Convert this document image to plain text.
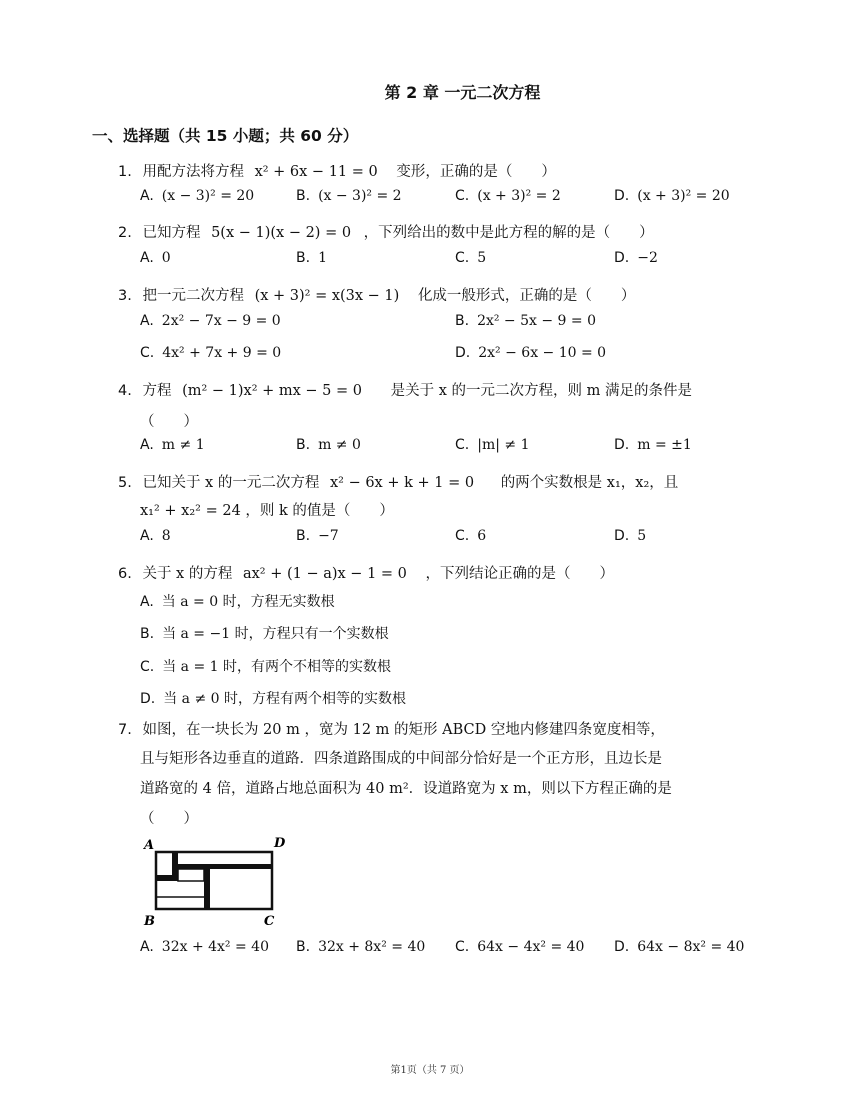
第 2 章 一元二次方程
一、选择题（共 15 小题；共 60 分）
1. 用配方法将方程 x² + 6x − 11 = 0 变形，正确的是（　　）
A. (x − 3)² = 20	B. (x − 3)² = 2	C. (x + 3)² = 2	D. (x + 3)² = 20
2. 已知方程 5(x − 1)(x − 2) = 0 ，下列给出的数中是此方程的解的是（　　）
A. 0	B. 1	C. 5	D. −2
3. 把一元二次方程 (x + 3)² = x(3x − 1) 化成一般形式，正确的是（　　）
A. 2x² − 7x − 9 = 0	B. 2x² − 5x − 9 = 0
C. 4x² + 7x + 9 = 0	D. 2x² − 6x − 10 = 0
4. 方程 (m² − 1)x² + mx − 5 = 0 是关于 x 的一元二次方程，则 m 满足的条件是
（　　）
A. m ≠ 1	B. m ≠ 0	C. |m| ≠ 1	D. m = ±1
5. 已知关于 x 的一元二次方程 x² − 6x + k + 1 = 0 的两个实数根是 x₁，x₂，且
x₁² + x₂² = 24 ，则 k 的值是（　　）
A. 8	B. −7	C. 6	D. 5
6. 关于 x 的方程 ax² + (1 − a)x − 1 = 0 ，下列结论正确的是（　　）
A. 当 a = 0 时，方程无实数根
B. 当 a = −1 时，方程只有一个实数根
C. 当 a = 1 时，有两个不相等的实数根
D. 当 a ≠ 0 时，方程有两个相等的实数根
7. 如图，在一块长为 20 m ，宽为 12 m 的矩形 ABCD 空地内修建四条宽度相等，
且与矩形各边垂直的道路．四条道路围成的中间部分恰好是一个正方形，且边长是
道路宽的 4 倍，道路占地总面积为 40 m²．设道路宽为 x m，则以下方程正确的是
（　　）
A	D
B	C
A. 32x + 4x² = 40 B. 32x + 8x² = 40 C. 64x − 4x² = 40 D. 64x − 8x² = 40
第1页（共 7 页）
